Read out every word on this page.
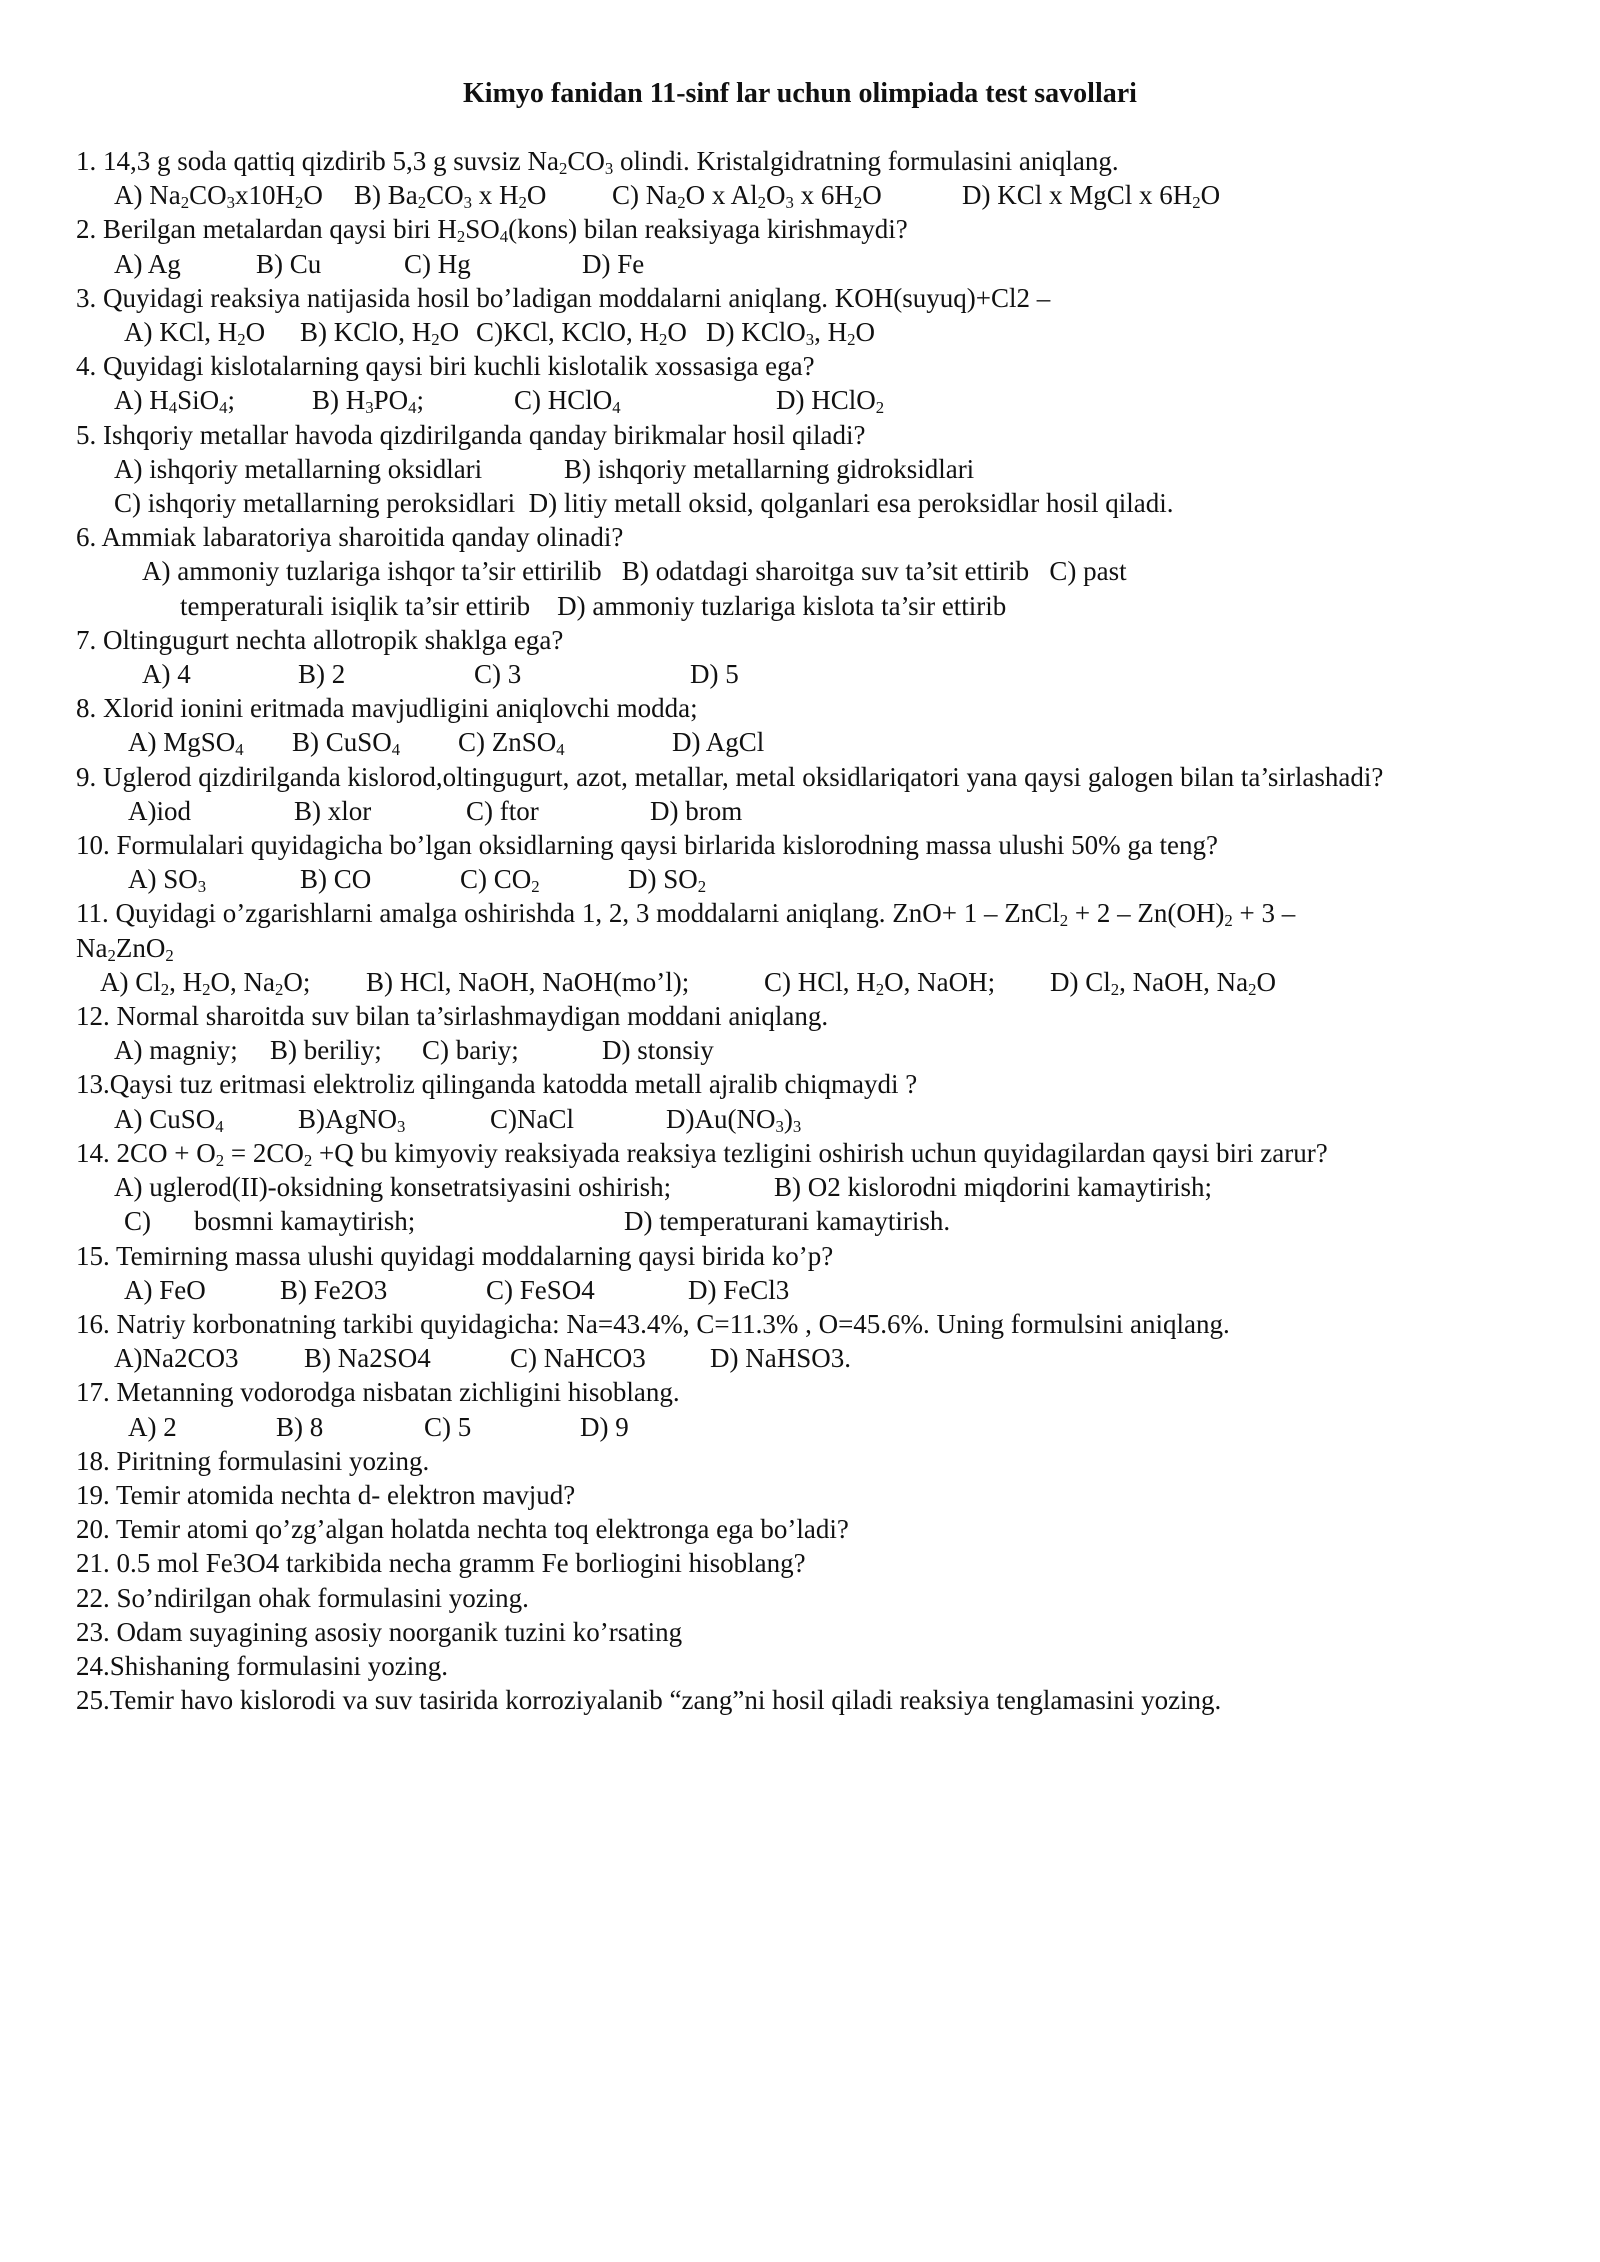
Kimyo fanidan 11-sinf lar uchun olimpiada test savollari
1. 14,3 g soda qattiq qizdirib 5,3 g suvsiz $Na_2CO_3$ olindi. Kristalgidratning formulasini aniqlang.
A) $Na_2CO_3x10H_2O$ B) $Ba_2CO_3$ x $H_2O$ C) $Na_2O$ x $Al_2O_3$ x $6H_2O$	D) KCl x MgCl x $6H_2O$
2. Berilgan metalardan qaysi biri $H_2SO_4(kons)$ bilan reaksiyaga kirishmaydi?
A) Ag	B) Cu	C) Hg	D) Fe
3. Quyidagi reaksiya natijasida hosil bo’ladigan moddalarni aniqlang. KOH(suyuq)+Cl2 –
A) KCl, $H_2O$ B) KClO, $H_2O$ C)KCl, KClO, $H_2O$ D) KClO$_3$, $H_2O$
4. Quyidagi kislotalarning qaysi biri kuchli kislotalik xossasiga ega?
A) $H_4SiO_4$;	B) $H_3PO_4$;	C) HClO$_4$	D) HClO$_2$
5. Ishqoriy metallar havoda qizdirilganda qanday birikmalar hosil qiladi?
A) ishqoriy metallarning oksidlari	B) ishqoriy metallarning gidroksidlari
C) ishqoriy metallarning peroksidlari D) litiy metall oksid, qolganlari esa peroksidlar hosil qiladi.
6. Ammiak labaratoriya sharoitida qanday olinadi?
A) ammoniy tuzlariga ishqor ta’sir ettirilib B) odatdagi sharoitga suv ta’sit ettirib C) past
temperaturali isiqlik ta’sir ettirib D) ammoniy tuzlariga kislota ta’sir ettirib
7. Oltingugurt nechta allotropik shaklga ega?
A) 4	B) 2	C) 3	D) 5
8. Xlorid ionini eritmada mavjudligini aniqlovchi modda;
A) MgSO$_4$ B) CuSO$_4$ C) ZnSO$_4$	D) AgCl
9. Uglerod qizdirilganda kislorod,oltingugurt, azot, metallar, metal oksidlariqatori yana qaysi galogen bilan ta’sirlashadi?
A)iod	B) xlor	C) ftor	D) brom
10. Formulalari quyidagicha bo’lgan oksidlarning qaysi birlarida kislorodning massa ulushi 50% ga teng?
A) $SO_3$	B) CO	C) $CO_2$	D) $SO_2$
11. Quyidagi o’zgarishlarni amalga oshirishda 1, 2, 3 moddalarni aniqlang. ZnO+ 1 – ZnCl$_2$ + $2 - Zn(OH)_2 + 3$ –
$Na_2ZnO_2$
A) $Cl_2$, $H_2O$, $Na_2O$; B) HCl, NaOH, NaOH(mo’l);	C) HCl, $H_2O$, NaOH; D) $Cl_2$, NaOH, $Na_2O$
12. Normal sharoitda suv bilan ta’sirlashmaydigan moddani aniqlang.
A) magniy; B) beriliy; C) bariy;	D) stonsiy
13.Qaysi tuz eritmasi elektroliz qilinganda katodda metall ajralib chiqmaydi ?
A) CuSO$_4$	B)AgNO$_3$	C)NaCl	$D)Au(NO_3)_3$
14. $2CO + O_2 = 2CO_2 +Q$ bu kimyoviy reaksiyada reaksiya tezligini oshirish uchun quyidagilardan qaysi biri zarur?
A) uglerod(II)-oksidning konsetratsiyasini oshirish;	B) O2 kislorodni miqdorini kamaytirish;
C) bosmni kamaytirish;	D) temperaturani kamaytirish.
15. Temirning massa ulushi quyidagi moddalarning qaysi birida ko’p?
A) FeO	B) Fe2O3	C) FeSO4	D) FeCl3
16. Natriy korbonatning tarkibi quyidagicha: Na=43.4%, C=11.3% , O=45.6%. Uning formulsini aniqlang.
A)Na2CO3 B) Na2SO4	C) NaHCO3 D) NaHSO3.
17. Metanning vodorodga nisbatan zichligini hisoblang.
A) 2	B) 8	C) 5	D) 9
18. Piritning formulasini yozing.
19. Temir atomida nechta d- elektron mavjud?
20. Temir atomi qo’zg’algan holatda nechta toq elektronga ega bo’ladi?
21. 0.5 mol Fe3O4 tarkibida necha gramm Fe borliogini hisoblang?
22. So’ndirilgan ohak formulasini yozing.
23. Odam suyagining asosiy noorganik tuzini ko’rsating
24.Shishaning formulasini yozing.
25.Temir havo kislorodi va suv tasirida korroziyalanib “zang”ni hosil qiladi reaksiya tenglamasini yozing.
